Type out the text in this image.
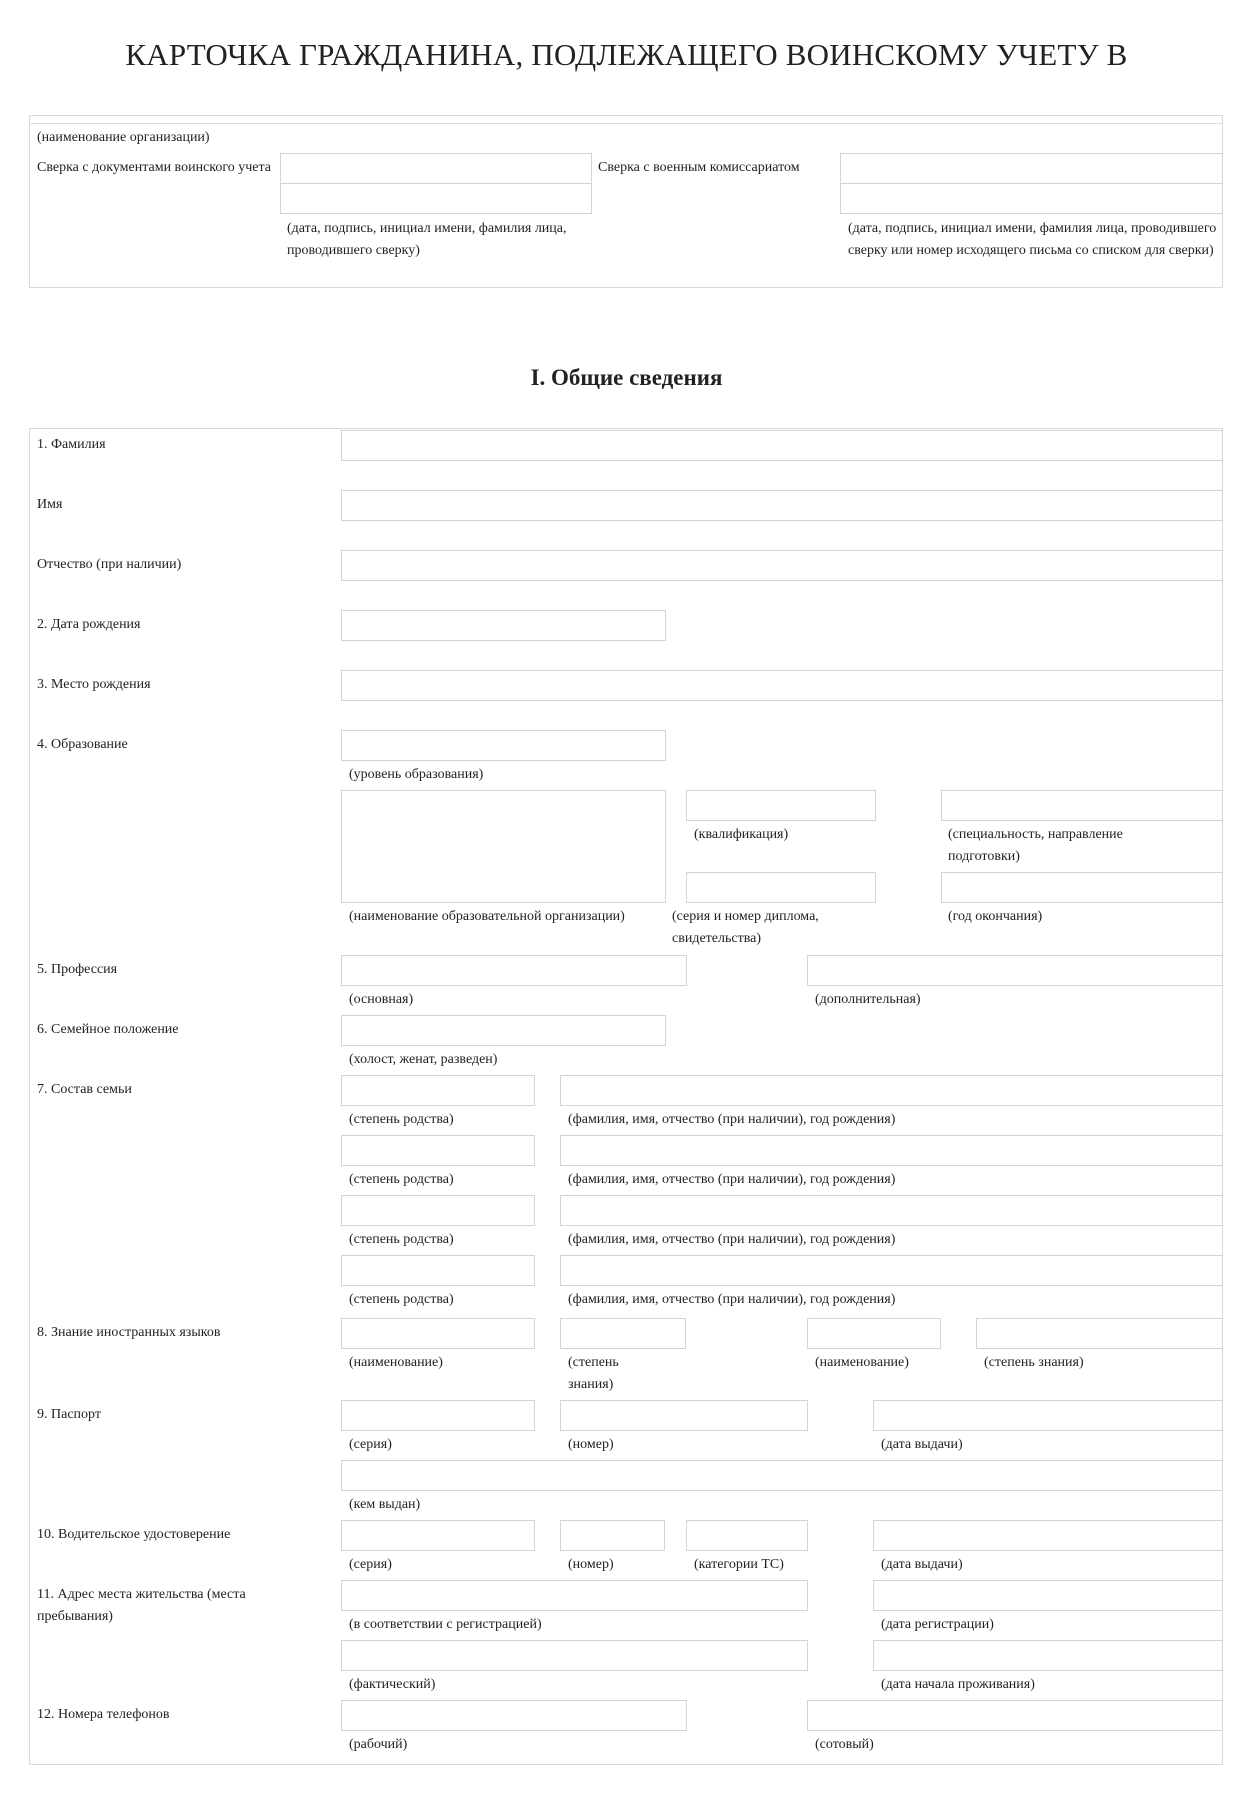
КАРТОЧКА ГРАЖДАНИНА, ПОДЛЕЖАЩЕГО ВОИНСКОМУ УЧЕТУ В
(наименование организации)
Сверка с документами воинского учета
(дата, подпись, инициал имени, фамилия лица, проводившего сверку)
Сверка с военным комиссариатом
(дата, подпись, инициал имени, фамилия лица, проводившего сверку или номер исходящего письма со списком для сверки)
I. Общие сведения
1. Фамилия
Имя
Отчество (при наличии)
2. Дата рождения
3. Место рождения
4. Образование
(уровень образования)
(наименование образовательной организации)
(квалификация)
(серия и номер диплома, свидетельства)
(специальность, направление подготовки)
(год окончания)
5. Профессия
(основная)	(дополнительная)
6. Семейное положение
(холост, женат, разведен)
7. Состав семьи
(степень родства)	(фамилия, имя, отчество (при наличии), год рождения)
(степень родства)	(фамилия, имя, отчество (при наличии), год рождения)
(степень родства)	(фамилия, имя, отчество (при наличии), год рождения)
(степень родства)	(фамилия, имя, отчество (при наличии), год рождения)
8. Знание иностранных языков
(наименование)	(степень знания)
(наименование)	(степень знания)
9. Паспорт
(серия)	(номер)	(дата выдачи)
(кем выдан)
10. Водительское удостоверение
(серия)	(номер)	(категории ТС)	(дата выдачи)
11. Адрес места жительства (места пребывания)
(в соответствии с регистрацией)	(дата регистрации)
(фактический)	(дата начала проживания)
12. Номера телефонов
(рабочий)	(сотовый)
